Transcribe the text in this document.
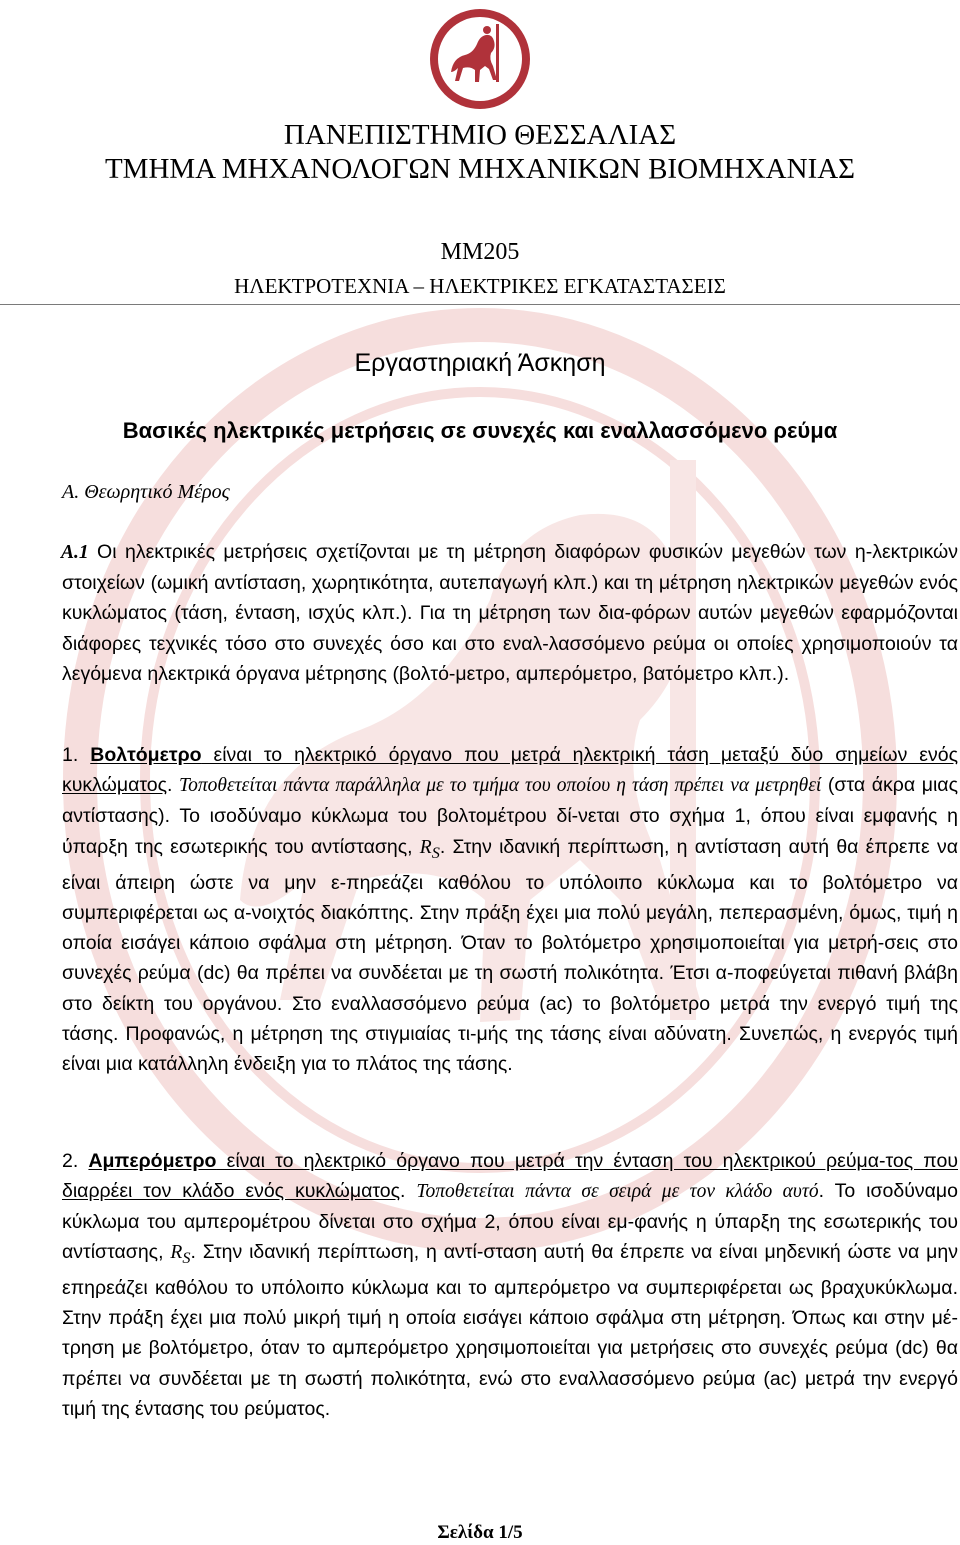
ΠΑΝΕΠΙΣΤΗΜΙΟ ΘΕΣΣΑΛΙΑΣ
ΤΜΗΜΑ ΜΗΧΑΝΟΛΟΓΩΝ ΜΗΧΑΝΙΚΩΝ ΒΙΟΜΗΧΑΝΙΑΣ
ΜΜ205
ΗΛΕΚΤΡΟΤΕΧΝΙΑ – ΗΛΕΚΤΡΙΚΕΣ ΕΓΚΑΤΑΣΤΑΣΕΙΣ
Εργαστηριακή Άσκηση
Βασικές ηλεκτρικές μετρήσεις σε συνεχές και εναλλασσόμενο ρεύμα
Α. Θεωρητικό Μέρος
Α.1 Οι ηλεκτρικές μετρήσεις σχετίζονται με τη μέτρηση διαφόρων φυσικών μεγεθών των η-λεκτρικών στοιχείων (ωμική αντίσταση, χωρητικότητα, αυτεπαγωγή κλπ.) και τη μέτρηση ηλεκτρικών μεγεθών ενός κυκλώματος (τάση, ένταση, ισχύς κλπ.). Για τη μέτρηση των δια-φόρων αυτών μεγεθών εφαρμόζονται διάφορες τεχνικές τόσο στο συνεχές όσο και στο εναλ-λασσόμενο ρεύμα οι οποίες χρησιμοποιούν τα λεγόμενα ηλεκτρικά όργανα μέτρησης (βολτό-μετρο, αμπερόμετρο, βατόμετρο κλπ.).
1. Βολτόμετρο είναι το ηλεκτρικό όργανο που μετρά ηλεκτρική τάση μεταξύ δύο σημείων ενός κυκλώματος. Τοποθετείται πάντα παράλληλα με το τμήμα του οποίου η τάση πρέπει να μετρηθεί (στα άκρα μιας αντίστασης). Το ισοδύναμο κύκλωμα του βολτομέτρου δί-νεται στο σχήμα 1, όπου είναι εμφανής η ύπαρξη της εσωτερικής του αντίστασης, $R_S$. Στην ιδανική περίπτωση, η αντίσταση αυτή θα έπρεπε να είναι άπειρη ώστε να μην ε-πηρεάζει καθόλου το υπόλοιπο κύκλωμα και το βολτόμετρο να συμπεριφέρεται ως α-νοιχτός διακόπτης. Στην πράξη έχει μια πολύ μεγάλη, πεπερασμένη, όμως, τιμή η οποία εισάγει κάποιο σφάλμα στη μέτρηση. Όταν το βολτόμετρο χρησιμοποιείται για μετρή-σεις στο συνεχές ρεύμα (dc) θα πρέπει να συνδέεται με τη σωστή πολικότητα. Έτσι α-ποφεύγεται πιθανή βλάβη στο δείκτη του οργάνου. Στο εναλλασσόμενο ρεύμα (ac) το βολτόμετρο μετρά την ενεργό τιμή της τάσης. Προφανώς, η μέτρηση της στιγμιαίας τι-μής της τάσης είναι αδύνατη. Συνεπώς, η ενεργός τιμή είναι μια κατάλληλη ένδειξη για το πλάτος της τάσης.
2. Αμπερόμετρο είναι το ηλεκτρικό όργανο που μετρά την ένταση του ηλεκτρικού ρεύμα-τος που διαρρέει τον κλάδο ενός κυκλώματος. Τοποθετείται πάντα σε σειρά με τον κλάδο αυτό. Το ισοδύναμο κύκλωμα του αμπερομέτρου δίνεται στο σχήμα 2, όπου είναι εμ-φανής η ύπαρξη της εσωτερικής του αντίστασης, $R_S$. Στην ιδανική περίπτωση, η αντί-σταση αυτή θα έπρεπε να είναι μηδενική ώστε να μην επηρεάζει καθόλου το υπόλοιπο κύκλωμα και το αμπερόμετρο να συμπεριφέρεται ως βραχυκύκλωμα. Στην πράξη έχει μια πολύ μικρή τιμή η οποία εισάγει κάποιο σφάλμα στη μέτρηση. Όπως και στην μέ-τρηση με βολτόμετρο, όταν το αμπερόμετρο χρησιμοποιείται για μετρήσεις στο συνεχές ρεύμα (dc) θα πρέπει να συνδέεται με τη σωστή πολικότητα, ενώ στο εναλλασσόμενο ρεύμα (ac) μετρά την ενεργό τιμή της έντασης του ρεύματος.
Σελίδα 1/5
